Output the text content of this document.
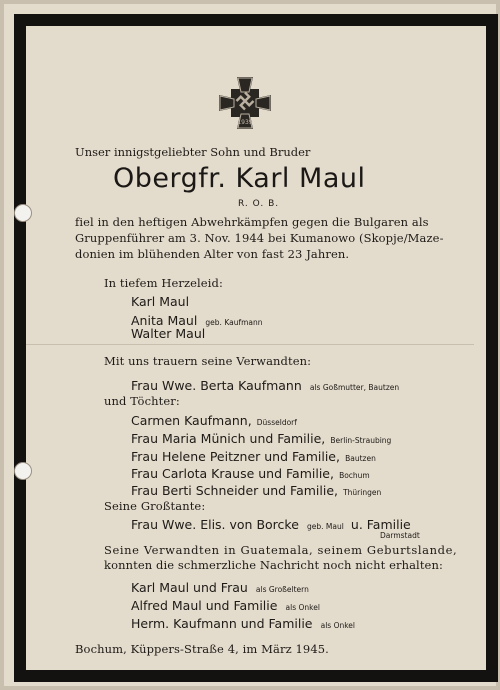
1939
Unser innigstgeliebter Sohn und Bruder
Obergfr. Karl Maul
R. O. B.
fiel in den heftigen Abwehrkämpfen gegen die Bulgaren als
Gruppenführer am 3. Nov. 1944 bei Kumanowo (Skopje/Maze-
donien im blühenden Alter von fast 23 Jahren.
In tiefem Herzeleid:
Karl Maul
Anita Maul geb. Kaufmann
Walter Maul
Mit uns trauern seine Verwandten:
Frau Wwe. Berta Kaufmann als Goßmutter, Bautzen
und Töchter:
Carmen Kaufmann, Düsseldorf
Frau Maria Münich und Familie, Berlin-Straubing
Frau Helene Peitzner und Familie, Bautzen
Frau Carlota Krause und Familie, Bochum
Frau Berti Schneider und Familie, Thüringen
Seine Großtante:
Frau Wwe. Elis. von Borcke geb. Maul u. Familie
Darmstadt
Seine Verwandten in Guatemala, seinem Geburtslande,
konnten die schmerzliche Nachricht noch nicht erhalten:
Karl Maul und Frau als Großeltern
Alfred Maul und Familie als Onkel
Herm. Kaufmann und Familie als Onkel
Bochum, Küppers-Straße 4, im März 1945.
